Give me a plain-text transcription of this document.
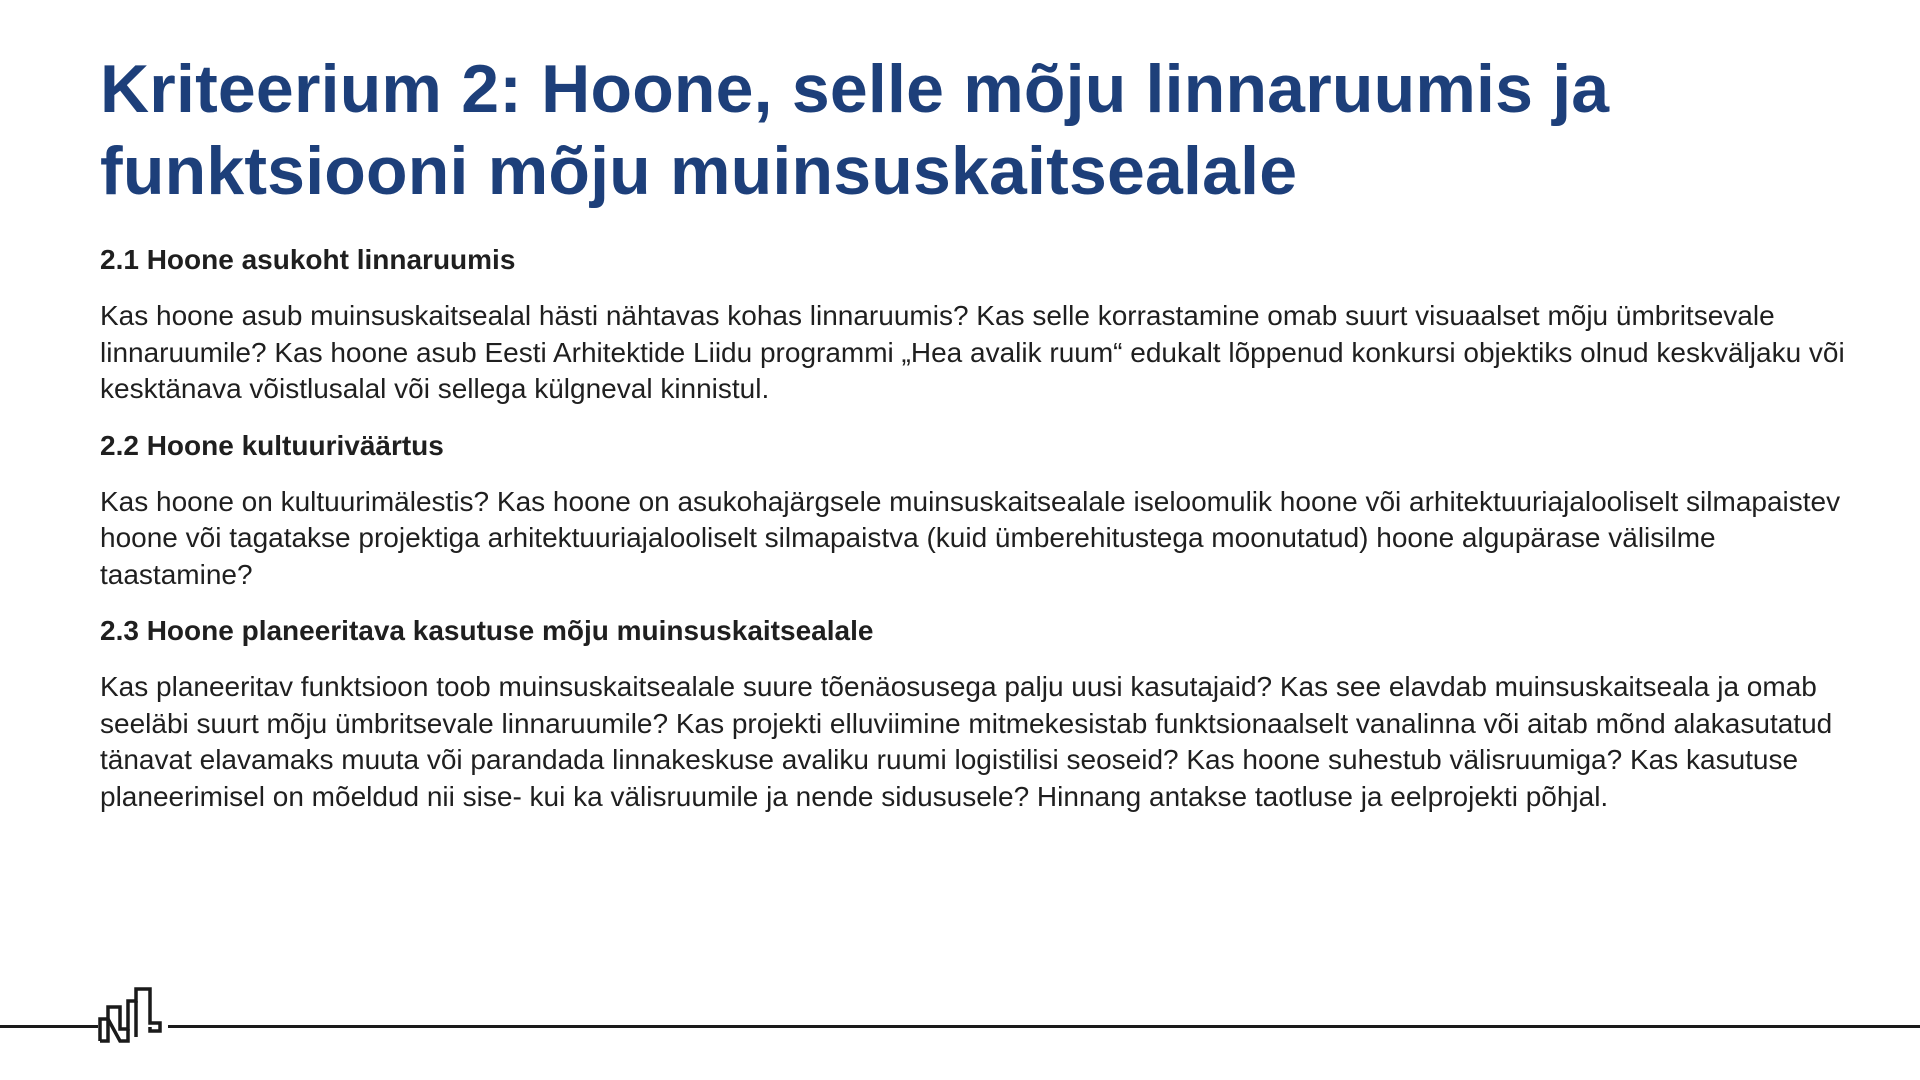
Kriteerium 2: Hoone, selle mõju linnaruumis ja funktsiooni mõju muinsuskaitsealale

2.1 Hoone asukoht linnaruumis

Kas hoone asub muinsuskaitsealal hästi nähtavas kohas linnaruumis? Kas selle korrastamine omab suurt visuaalset mõju ümbritsevale linnaruumile? Kas hoone asub Eesti Arhitektide Liidu programmi „Hea avalik ruum“ edukalt lõppenud konkursi objektiks olnud keskväljaku või kesktänava võistlusalal või sellega külgneval kinnistul.

2.2 Hoone kultuuriväärtus

Kas hoone on kultuurimälestis? Kas hoone on asukohajärgsele muinsuskaitsealale iseloomulik hoone või arhitektuuriajalooliselt silmapaistev hoone või tagatakse projektiga arhitektuuriajalooliselt silmapaistva (kuid ümberehitustega moonutatud) hoone algupärase välisilme taastamine?

2.3 Hoone planeeritava kasutuse mõju muinsuskaitsealale

Kas planeeritav funktsioon toob muinsuskaitsealale suure tõenäosusega palju uusi kasutajaid? Kas see elavdab muinsuskaitseala ja omab seeläbi suurt mõju ümbritsevale linnaruumile? Kas projekti elluviimine mitmekesistab funktsionaalselt vanalinna või aitab mõnd alakasutatud tänavat elavamaks muuta või parandada linnakeskuse avaliku ruumi logistilisi seoseid? Kas hoone suhestub välisruumiga? Kas kasutuse planeerimisel on mõeldud nii sise- kui ka välisruumile ja nende sidususele? Hinnang antakse taotluse ja eelprojekti põhjal.
